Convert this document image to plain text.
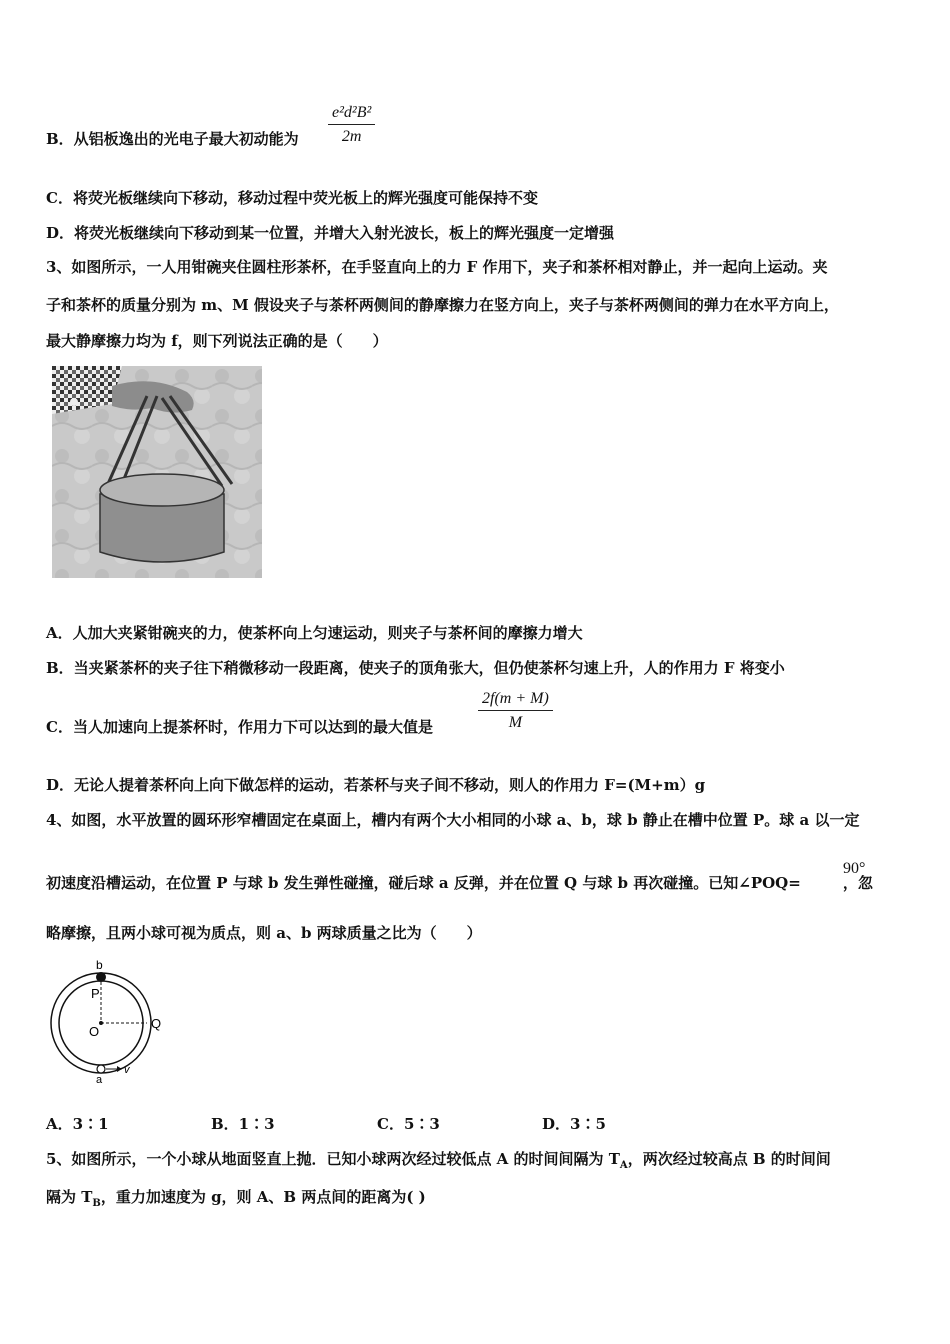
B．从铝板逸出的光电子最大初动能为
e²d²B²
2m
C．将荧光板继续向下移动，移动过程中荧光板上的辉光强度可能保持不变
D．将荧光板继续向下移动到某一位置，并增大入射光波长，板上的辉光强度一定增强
3、如图所示，一人用钳碗夹住圆柱形茶杯，在手竖直向上的力 F 作用下，夹子和茶杯相对静止，并一起向上运动。夹
子和茶杯的质量分别为 m、M 假设夹子与茶杯两侧间的静摩擦力在竖方向上，夹子与茶杯两侧间的弹力在水平方向上，
最大静摩擦力均为 f，则下列说法正确的是（　　）
A．人加大夹紧钳碗夹的力，使茶杯向上匀速运动，则夹子与茶杯间的摩擦力增大
B．当夹紧茶杯的夹子往下稍微移动一段距离，使夹子的顶角张大，但仍使茶杯匀速上升，人的作用力 F 将变小
C．当人加速向上提茶杯时，作用力下可以达到的最大值是
2f(m + M)
M
D．无论人提着茶杯向上向下做怎样的运动，若茶杯与夹子间不移动，则人的作用力 F=(M+m）g
4、如图，水平放置的圆环形窄槽固定在桌面上，槽内有两个大小相同的小球 a、b，球 b 静止在槽中位置 P。球 a 以一定
初速度沿槽运动，在位置 P 与球 b 发生弹性碰撞，碰后球 a 反弹，并在位置 Q 与球 b 再次碰撞。已知∠POQ=	，忽
90°
略摩擦，且两小球可视为质点，则 a、b 两球质量之比为（　　）
b
P
O
Q
v
a
A．3∶1	B．1∶3	C．5∶3	D．3∶5
5、如图所示，一个小球从地面竖直上抛．已知小球两次经过较低点 A 的时间间隔为 $T_A$，两次经过较高点 B 的时间间
隔为 $T_B$，重力加速度为 g，则 A、B 两点间的距离为( )
